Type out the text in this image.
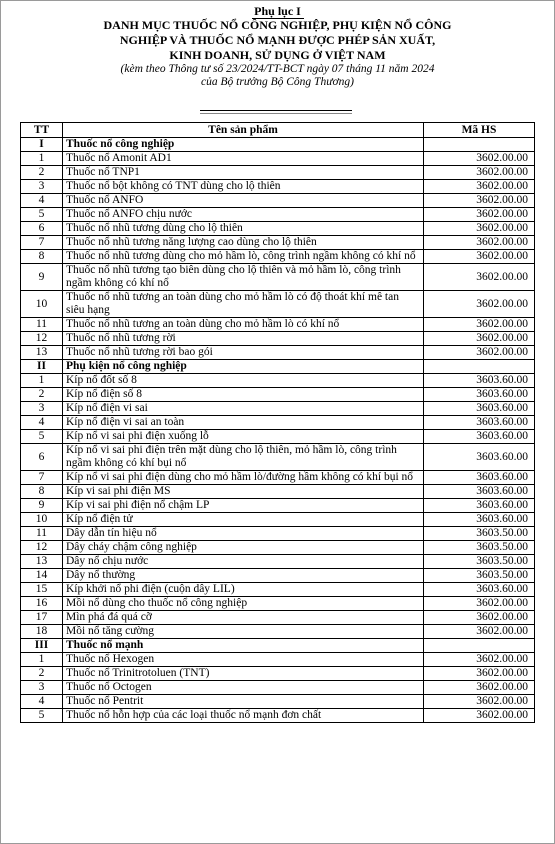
Phụ lục I
DANH MỤC THUỐC NỔ CÔNG NGHIỆP, PHỤ KIỆN NỔ CÔNG
NGHIỆP VÀ THUỐC NỔ MẠNH ĐƯỢC PHÉP SẢN XUẤT,
KINH DOANH, SỬ DỤNG Ở VIỆT NAM
(kèm theo Thông tư số 23/2024/TT-BCT ngày 07 tháng 11 năm 2024
của Bộ trưởng Bộ Công Thương)
TT	Tên sản phẩm	Mã HS
I	Thuốc nổ công nghiệp	
1	Thuốc nổ Amonit AD1	3602.00.00
2	Thuốc nổ TNP1	3602.00.00
3	Thuốc nổ bột không có TNT dùng cho lộ thiên	3602.00.00
4	Thuốc nổ ANFO	3602.00.00
5	Thuốc nổ ANFO chịu nước	3602.00.00
6	Thuốc nổ nhũ tương dùng cho lộ thiên	3602.00.00
7	Thuốc nổ nhũ tương năng lượng cao dùng cho lộ thiên	3602.00.00
8	Thuốc nổ nhũ tương dùng cho mỏ hầm lò, công trình ngầm không có khí nổ	3602.00.00
9	Thuốc nổ nhũ tương tạo biên dùng cho lộ thiên và mỏ hầm lò, công trình ngầm không có khí nổ	3602.00.00
10	Thuốc nổ nhũ tương an toàn dùng cho mỏ hầm lò có độ thoát khí mê tan siêu hạng	3602.00.00
11	Thuốc nổ nhũ tương an toàn dùng cho mỏ hầm lò có khí nổ	3602.00.00
12	Thuốc nổ nhũ tương rời	3602.00.00
13	Thuốc nổ nhũ tương rời bao gói	3602.00.00
II	Phụ kiện nổ công nghiệp	
1	Kíp nổ đốt số 8	3603.60.00
2	Kíp nổ điện số 8	3603.60.00
3	Kíp nổ điện vi sai	3603.60.00
4	Kíp nổ điện vi sai an toàn	3603.60.00
5	Kíp nổ vi sai phi điện xuống lỗ	3603.60.00
6	Kíp nổ vi sai phi điện trên mặt dùng cho lộ thiên, mỏ hầm lò, công trình ngầm không có khí bụi nổ	3603.60.00
7	Kíp nổ vi sai phi điện dùng cho mỏ hầm lò/đường hầm không có khí bụi nổ	3603.60.00
8	Kíp vi sai phi điện MS	3603.60.00
9	Kíp vi sai phi điện nổ chậm LP	3603.60.00
10	Kíp nổ điện tử	3603.60.00
11	Dây dẫn tín hiệu nổ	3603.50.00
12	Dây cháy chậm công nghiệp	3603.50.00
13	Dây nổ chịu nước	3603.50.00
14	Dây nổ thường	3603.50.00
15	Kíp khởi nổ phi điện (cuộn dây LIL)	3603.60.00
16	Mồi nổ dùng cho thuốc nổ công nghiệp	3602.00.00
17	Mìn phá đá quá cỡ	3602.00.00
18	Mồi nổ tăng cường	3602.00.00
III	Thuốc nổ mạnh	
1	Thuốc nổ Hexogen	3602.00.00
2	Thuốc nổ Trinitrotoluen (TNT)	3602.00.00
3	Thuốc nổ Octogen	3602.00.00
4	Thuốc nổ Pentrit	3602.00.00
5	Thuốc nổ hỗn hợp của các loại thuốc nổ mạnh đơn chất	3602.00.00
